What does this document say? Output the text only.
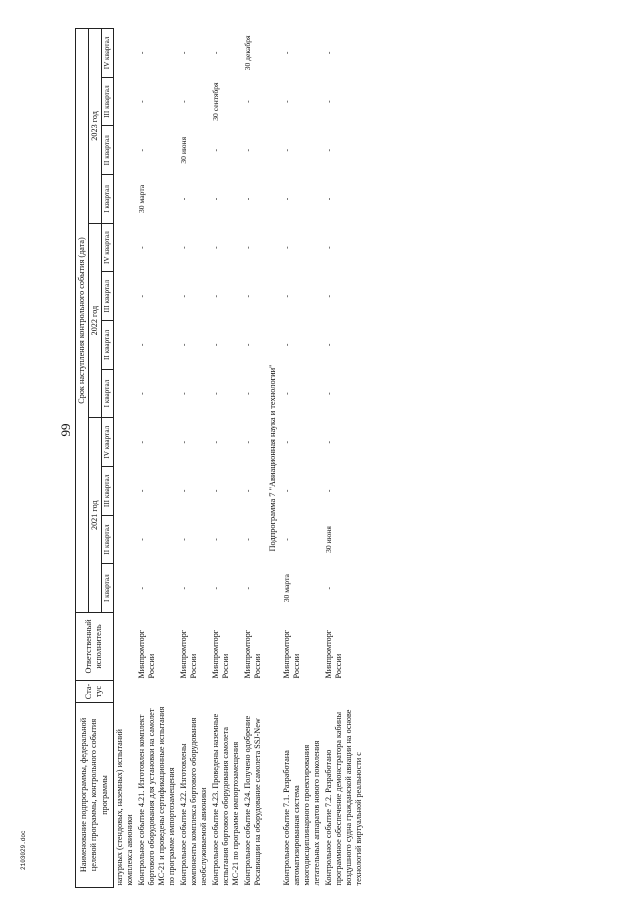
99
2103029.doc	Наименование подпрограммы, федеральной целевой программы, контрольного события программы	Ста-тус	Ответственный исполнитель	Срок наступления контрольного события (дата)											
			2021 год				2022 год				2023 год			
			I квартал	II квартал	III квартал	IV квартал	I квартал	II квартал	III квартал	IV квартал	I квартал	II квартал	III квартал	IV квартал
натурных (стендовых, наземных) испытаний комплекса авионики														
Контрольное событие 4.21. Изготовлен комплект бортового оборудования для установки на самолет МС-21 и проведены сертификационные испытания по программе импортозамещения		Минпромторг России	-	-	-	-	-	-	-	-	30 марта	-	-	-
Контрольное событие 4.22. Изготовлены компоненты комплекса бортового оборудования необслуживаемой авионики		Минпромторг России	-	-	-	-	-	-	-	-	-	30 июня	-	-
Контрольное событие 4.23. Проведены наземные испытания бортового оборудования самолета МС-21 по программе импортозамещения		Минпромторг России	-	-	-	-	-	-	-	-	-	-	30 сентября	-
Контрольное событие 4.24. Получено одобрение Росавиации на оборудование самолета SSJ-New		Минпромторг России	-	-	-	-	-	-	-	-	-	-	-	30 декабря
Подпрограмма 7 "Авиационная наука и технологии"														
Контрольное событие 7.1. Разработана автоматизированная система многодисциплинарного проектирования летательных аппаратов нового поколения		Минпромторг России	30 марта	-	-	-	-	-	-	-	-	-	-	-
Контрольное событие 7.2. Разработано программное обеспечение демонстратора кабины воздушного судна гражданской авиации на основе технологий виртуальной реальности с		Минпромторг России	-	30 июня	-	-	-	-	-	-	-	-	-	-
